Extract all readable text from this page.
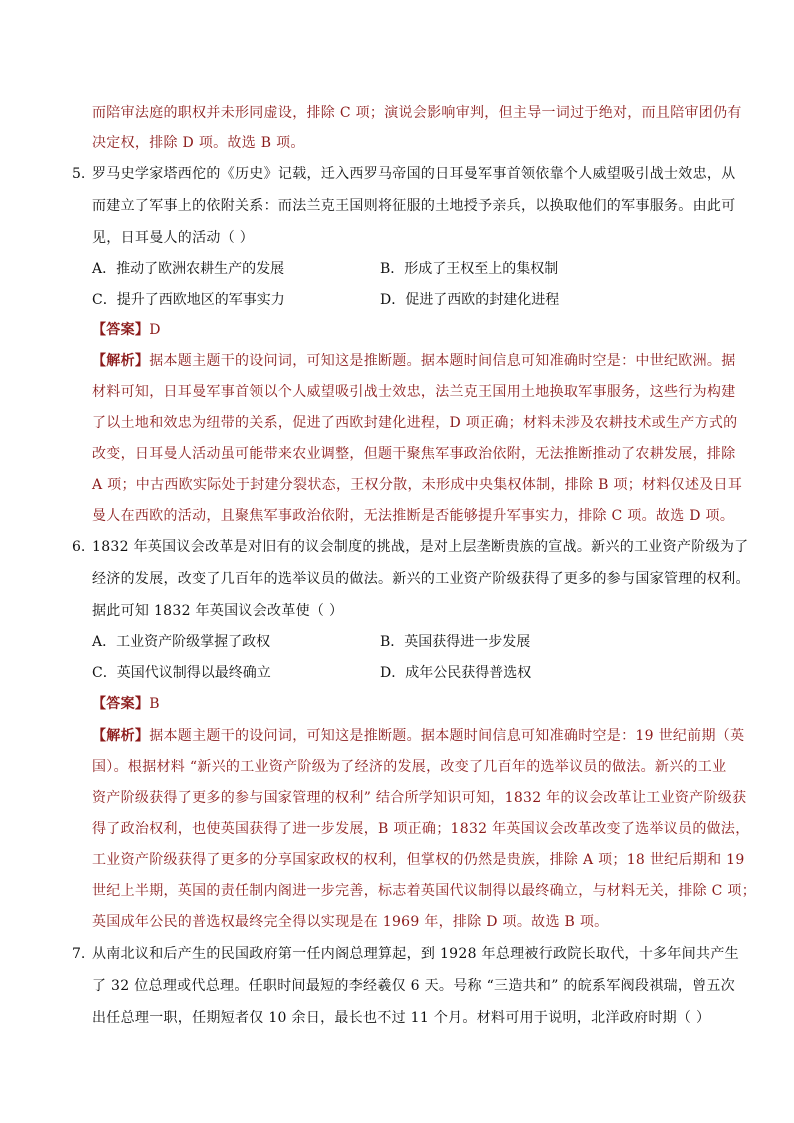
而陪审法庭的职权并未形同虚设，排除 C 项；演说会影响审判，但主导一词过于绝对，而且陪审团仍有
决定权，排除 D 项。故选 B 项。
5. 罗马史学家塔西佗的《历史》记载，迁入西罗马帝国的日耳曼军事首领依靠个人威望吸引战士效忠，从
而建立了军事上的依附关系：而法兰克王国则将征服的土地授予亲兵，以换取他们的军事服务。由此可
见，日耳曼人的活动（ ）
A．推动了欧洲农耕生产的发展	B．形成了王权至上的集权制
C．提升了西欧地区的军事实力	D．促进了西欧的封建化进程
【答案】D
【解析】据本题主题干的设问词，可知这是推断题。据本题时间信息可知准确时空是：中世纪欧洲。据
材料可知，日耳曼军事首领以个人威望吸引战士效忠，法兰克王国用土地换取军事服务，这些行为构建
了以土地和效忠为纽带的关系，促进了西欧封建化进程，D 项正确；材料未涉及农耕技术或生产方式的
改变，日耳曼人活动虽可能带来农业调整，但题干聚焦军事政治依附，无法推断推动了农耕发展，排除
A 项；中古西欧实际处于封建分裂状态，王权分散，未形成中央集权体制，排除 B 项；材料仅述及日耳
曼人在西欧的活动，且聚焦军事政治依附，无法推断是否能够提升军事实力，排除 C 项。故选 D 项。
6. 1832 年英国议会改革是对旧有的议会制度的挑战，是对上层垄断贵族的宣战。新兴的工业资产阶级为了
经济的发展，改变了几百年的选举议员的做法。新兴的工业资产阶级获得了更多的参与国家管理的权利。
据此可知 1832 年英国议会改革使（ ）
A．工业资产阶级掌握了政权	B．英国获得进一步发展
C．英国代议制得以最终确立	D．成年公民获得普选权
【答案】B
【解析】据本题主题干的设问词，可知这是推断题。据本题时间信息可知准确时空是：19 世纪前期（英
国）。根据材料 “新兴的工业资产阶级为了经济的发展，改变了几百年的选举议员的做法。新兴的工业
资产阶级获得了更多的参与国家管理的权利” 结合所学知识可知，1832 年的议会改革让工业资产阶级获
得了政治权利，也使英国获得了进一步发展，B 项正确；1832 年英国议会改革改变了选举议员的做法，
工业资产阶级获得了更多的分享国家政权的权利，但掌权的仍然是贵族，排除 A 项；18 世纪后期和 19
世纪上半期，英国的责任制内阁进一步完善，标志着英国代议制得以最终确立，与材料无关，排除 C 项；
英国成年公民的普选权最终完全得以实现是在 1969 年，排除 D 项。故选 B 项。
7. 从南北议和后产生的民国政府第一任内阁总理算起，到 1928 年总理被行政院长取代，十多年间共产生
了 32 位总理或代总理。任职时间最短的李经羲仅 6 天。号称 “三造共和” 的皖系军阀段祺瑞，曾五次
出任总理一职，任期短者仅 10 余日，最长也不过 11 个月。材料可用于说明，北洋政府时期（ ）
